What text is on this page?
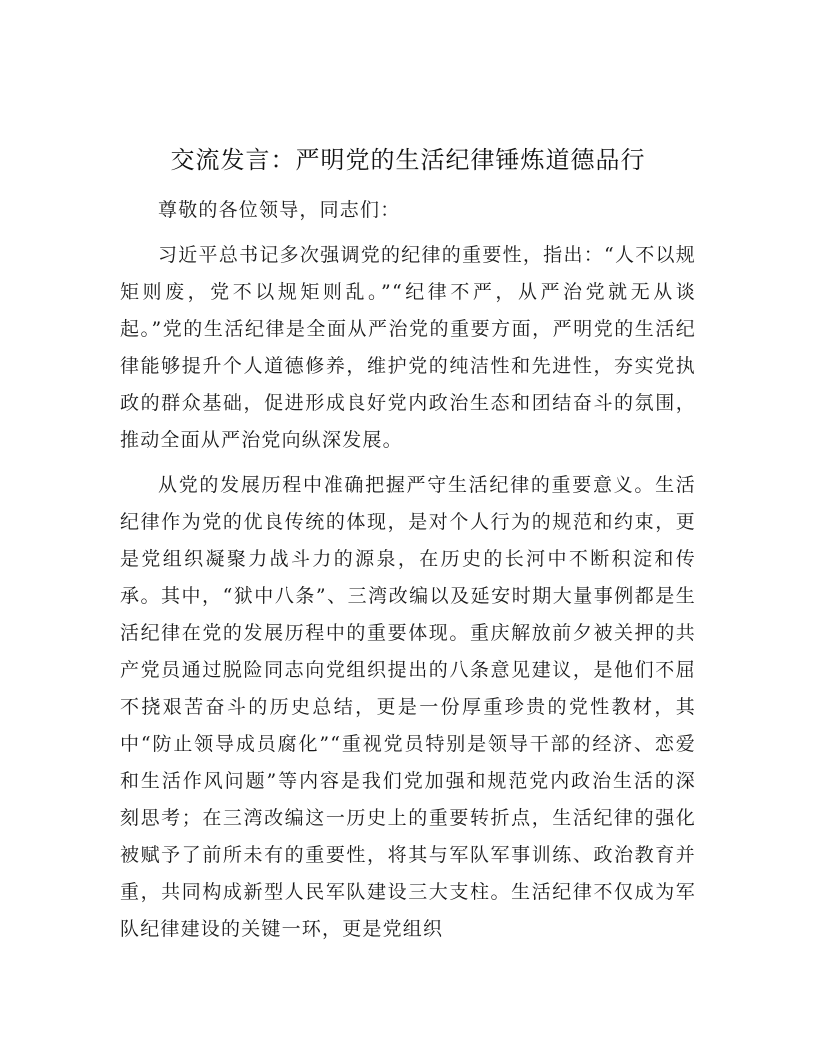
交流发言：严明党的生活纪律锤炼道德品行

尊敬的各位领导，同志们：

习近平总书记多次强调党的纪律的重要性，指出：“人不以规矩则废，党不以规矩则乱。”“纪律不严，从严治党就无从谈起。”党的生活纪律是全面从严治党的重要方面，严明党的生活纪律能够提升个人道德修养，维护党的纯洁性和先进性，夯实党执政的群众基础，促进形成良好党内政治生态和团结奋斗的氛围，推动全面从严治党向纵深发展。

从党的发展历程中准确把握严守生活纪律的重要意义。生活纪律作为党的优良传统的体现，是对个人行为的规范和约束，更是党组织凝聚力战斗力的源泉，在历史的长河中不断积淀和传承。其中，“狱中八条”、三湾改编以及延安时期大量事例都是生活纪律在党的发展历程中的重要体现。重庆解放前夕被关押的共产党员通过脱险同志向党组织提出的八条意见建议，是他们不屈不挠艰苦奋斗的历史总结，更是一份厚重珍贵的党性教材，其中“防止领导成员腐化”“重视党员特别是领导干部的经济、恋爱和生活作风问题”等内容是我们党加强和规范党内政治生活的深刻思考；在三湾改编这一历史上的重要转折点，生活纪律的强化被赋予了前所未有的重要性，将其与军队军事训练、政治教育并重，共同构成新型人民军队建设三大支柱。生活纪律不仅成为军队纪律建设的关键一环，更是党组织
